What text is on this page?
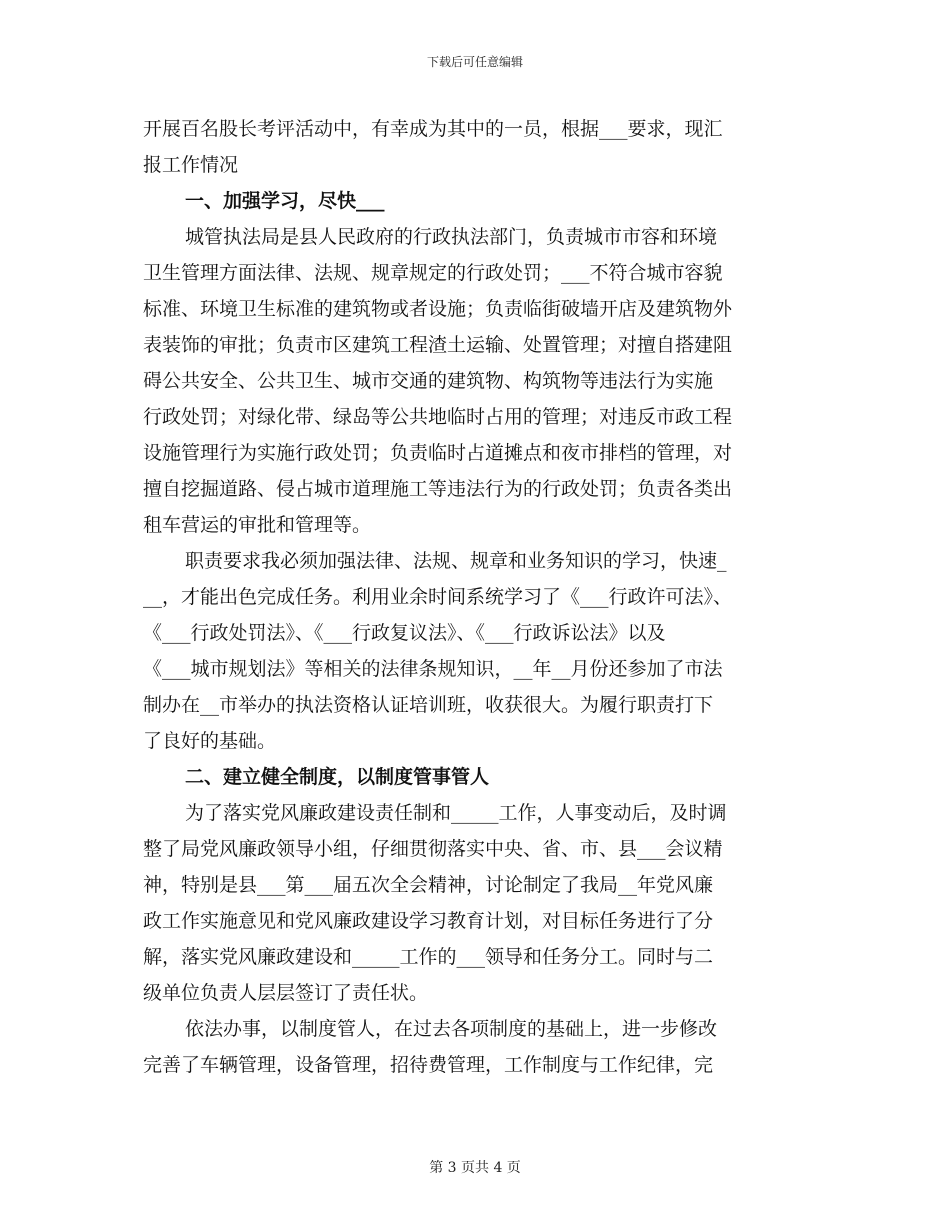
下载后可任意编辑
开展百名股长考评活动中，有幸成为其中的一员，根据___要求，现汇
报工作情况
一、加强学习，尽快___
城管执法局是县人民政府的行政执法部门，负责城市市容和环境
卫生管理方面法律、法规、规章规定的行政处罚；___不符合城市容貌
标准、环境卫生标准的建筑物或者设施；负责临街破墙开店及建筑物外
表装饰的审批；负责市区建筑工程渣土运输、处置管理；对擅自搭建阻
碍公共安全、公共卫生、城市交通的建筑物、构筑物等违法行为实施
行政处罚；对绿化带、绿岛等公共地临时占用的管理；对违反市政工程
设施管理行为实施行政处罚；负责临时占道摊点和夜市排档的管理，对
擅自挖掘道路、侵占城市道理施工等违法行为的行政处罚；负责各类出
租车营运的审批和管理等。
职责要求我必须加强法律、法规、规章和业务知识的学习，快速_
__，才能出色完成任务。利用业余时间系统学习了《___行政许可法》、
《___行政处罚法》、《___行政复议法》、《___行政诉讼法》以及
《___城市规划法》等相关的法律条规知识，__年__月份还参加了市法
制办在__市举办的执法资格认证培训班，收获很大。为履行职责打下
了良好的基础。
二、建立健全制度，以制度管事管人
为了落实党风廉政建设责任制和_____工作，人事变动后，及时调
整了局党风廉政领导小组，仔细贯彻落实中央、省、市、县___会议精
神，特别是县___第___届五次全会精神，讨论制定了我局__年党风廉
政工作实施意见和党风廉政建设学习教育计划，对目标任务进行了分
解，落实党风廉政建设和_____工作的___领导和任务分工。同时与二
级单位负责人层层签订了责任状。
依法办事，以制度管人，在过去各项制度的基础上，进一步修改
完善了车辆管理，设备管理，招待费管理，工作制度与工作纪律，完
第 3 页共 4 页
